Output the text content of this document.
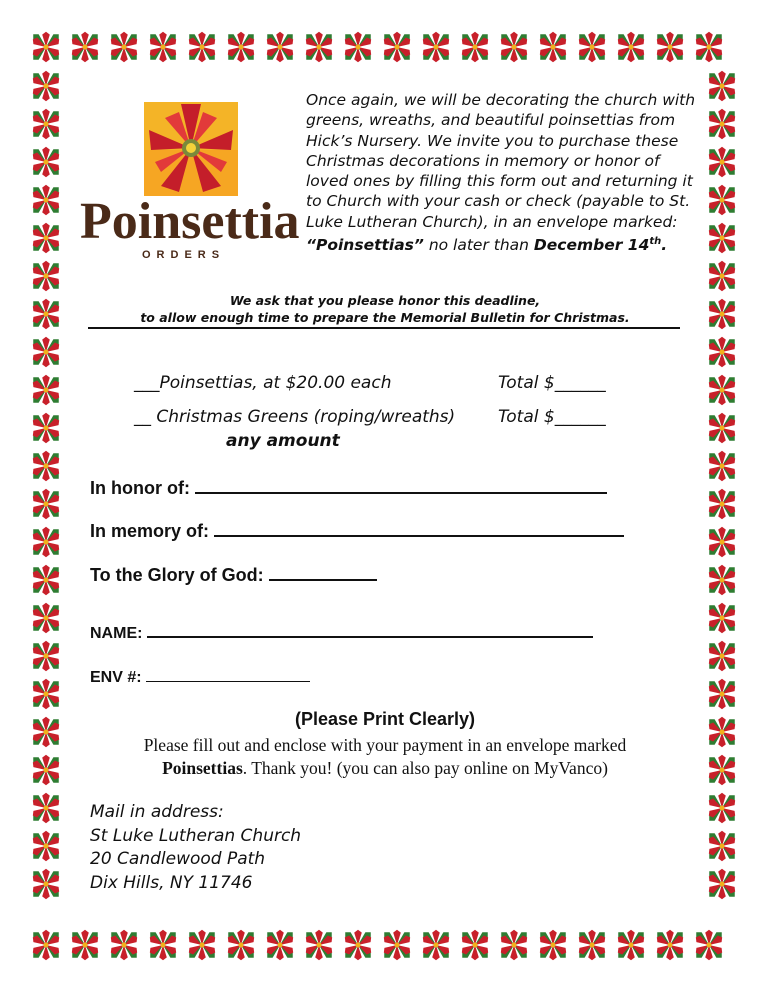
Poinsettia
ORDERS
Once again, we will be decorating the church with greens, wreaths, and beautiful poinsettias from Hick’s Nursery. We invite you to purchase these Christmas decorations in memory or honor of loved ones by filling this form out and returning it to Church with your cash or check (payable to St. Luke Lutheran Church), in an envelope marked: “Poinsettias” no later than December 14th.
We ask that you please honor this deadline,
to allow enough time to prepare the Memorial Bulletin for Christmas.
___Poinsettias, at $20.00 each	Total $______
__ Christmas Greens (roping/wreaths)	Total $______
any amount
In honor of:
In memory of:
To the Glory of God:
NAME:
ENV #:
(Please Print Clearly)
Please fill out and enclose with your payment in an envelope marked
Poinsettias. Thank you! (you can also pay online on MyVanco)
Mail in address:
St Luke Lutheran Church
20 Candlewood Path
Dix Hills, NY 11746
